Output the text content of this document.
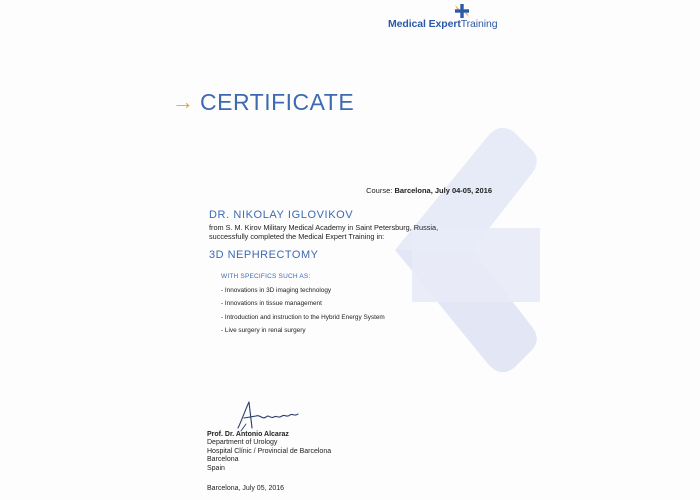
Medical ExpertTraining
→ CERTIFICATE
Course: Barcelona, July 04-05, 2016
DR. NIKOLAY IGLOVIKOV
from S. M. Kirov Military Medical Academy in Saint Petersburg, Russia,
successfully completed the Medical Expert Training in:
3D NEPHRECTOMY
WITH SPECIFICS SUCH AS:
- Innovations in 3D imaging technology
- Innovations in tissue management
- Introduction and instruction to the Hybrid Energy System
- Live surgery in renal surgery
Prof. Dr. Antonio Alcaraz
Department of Urology
Hospital Clínic / Provincial de Barcelona
Barcelona
Spain
Barcelona, July 05, 2016
